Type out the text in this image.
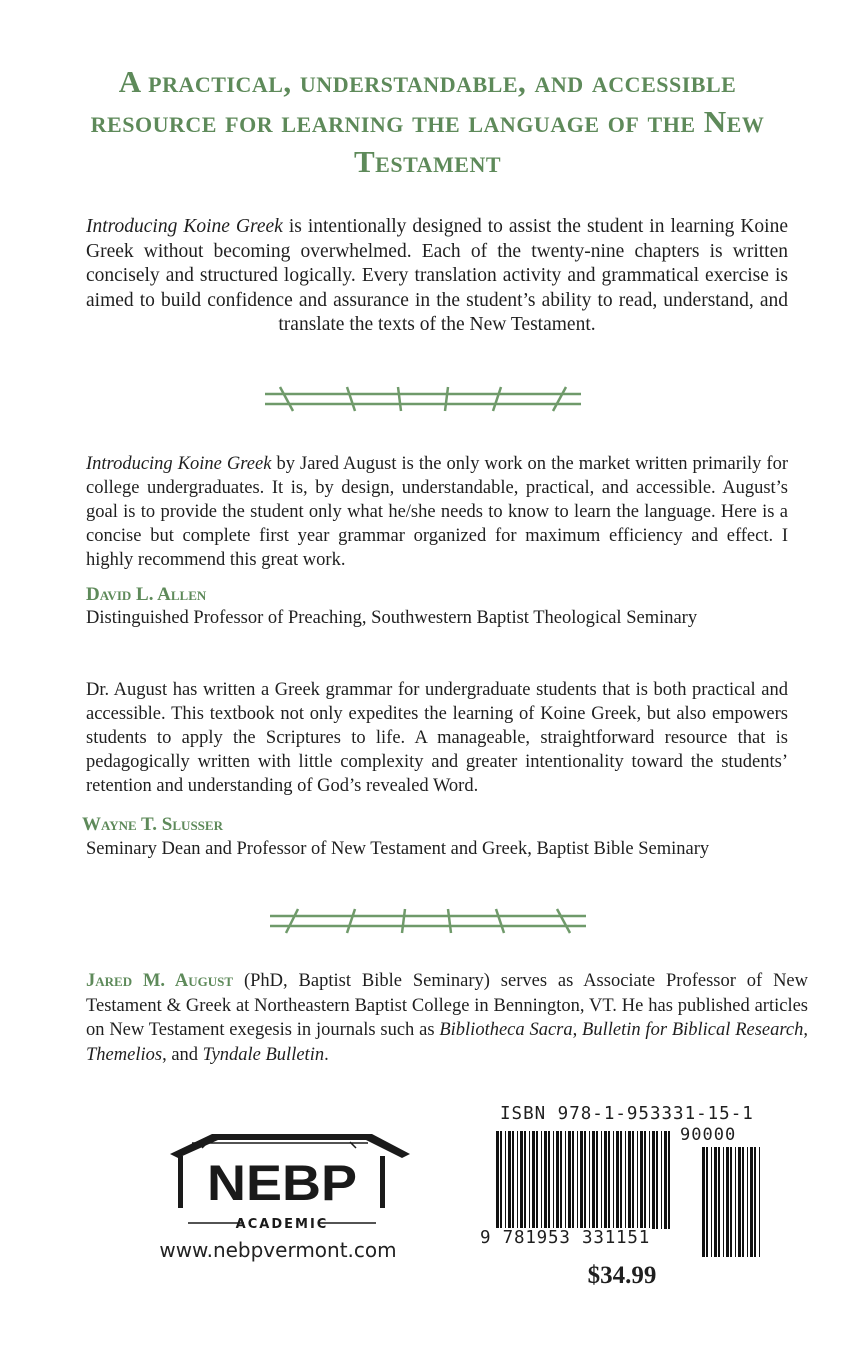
A practical, understandable, and accessible resource for learning the language of the New Testament
Introducing Koine Greek is intentionally designed to assist the student in learning Koine Greek without becoming overwhelmed. Each of the twenty-nine chapters is written concisely and structured logically. Every translation activity and grammatical exercise is aimed to build confidence and assurance in the student’s ability to read, understand, and translate the texts of the New Testament.
Introducing Koine Greek by Jared August is the only work on the market written primarily for college undergraduates. It is, by design, understandable, practical, and accessible. August’s goal is to provide the student only what he/she needs to know to learn the language. Here is a concise but complete first year grammar organized for maximum efficiency and effect. I highly recommend this great work.
David L. Allen
Distinguished Professor of Preaching, Southwestern Baptist Theological Seminary
Dr. August has written a Greek grammar for undergraduate students that is both practical and accessible. This textbook not only expedites the learning of Koine Greek, but also empowers students to apply the Scriptures to life. A manageable, straightforward resource that is pedagogically written with little complexity and greater intentionality toward the students’ retention and understanding of God’s revealed Word.
Wayne T. Slusser
Seminary Dean and Professor of New Testament and Greek, Baptist Bible Seminary
Jared M. August (PhD, Baptist Bible Seminary) serves as Associate Professor of New Testament & Greek at Northeastern Baptist College in Bennington, VT. He has published articles on New Testament exegesis in journals such as Bibliotheca Sacra, Bulletin for Biblical Research, Themelios, and Tyndale Bulletin.
NEBP
ACADEMIC
www.nebpvermont.com
ISBN 978-1-953331-15-1
90000
9 781953 331151
$34.99
